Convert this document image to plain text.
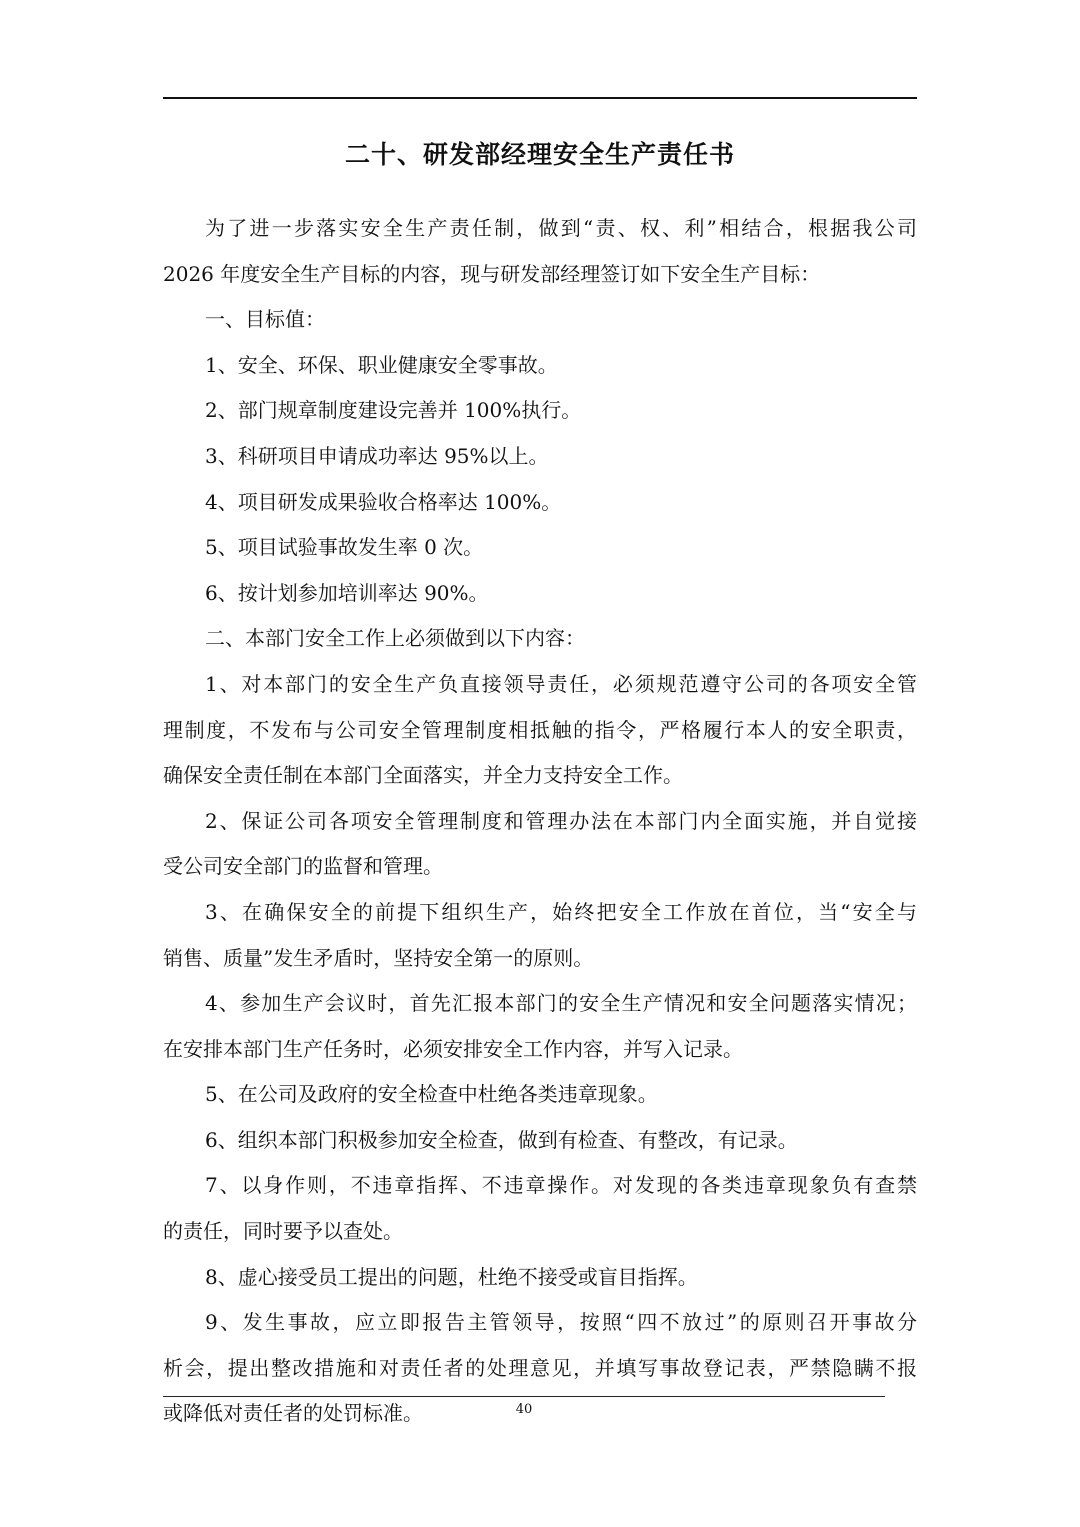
二十、研发部经理安全生产责任书
为了进一步落实安全生产责任制，做到“责、权、利”相结合，根据我公司
2026 年度安全生产目标的内容，现与研发部经理签订如下安全生产目标：
一、目标值：
1、安全、环保、职业健康安全零事故。
2、部门规章制度建设完善并 100%执行。
3、科研项目申请成功率达 95%以上。
4、项目研发成果验收合格率达 100%。
5、项目试验事故发生率 0 次。
6、按计划参加培训率达 90%。
二、本部门安全工作上必须做到以下内容：
1、对本部门的安全生产负直接领导责任，必须规范遵守公司的各项安全管
理制度，不发布与公司安全管理制度相抵触的指令，严格履行本人的安全职责，
确保安全责任制在本部门全面落实，并全力支持安全工作。
2、保证公司各项安全管理制度和管理办法在本部门内全面实施，并自觉接
受公司安全部门的监督和管理。
3、在确保安全的前提下组织生产，始终把安全工作放在首位，当“安全与
销售、质量”发生矛盾时，坚持安全第一的原则。
4、参加生产会议时，首先汇报本部门的安全生产情况和安全问题落实情况；
在安排本部门生产任务时，必须安排安全工作内容，并写入记录。
5、在公司及政府的安全检查中杜绝各类违章现象。
6、组织本部门积极参加安全检查，做到有检查、有整改，有记录。
7、以身作则，不违章指挥、不违章操作。对发现的各类违章现象负有查禁
的责任，同时要予以查处。
8、虚心接受员工提出的问题，杜绝不接受或盲目指挥。
9、发生事故，应立即报告主管领导，按照“四不放过”的原则召开事故分
析会，提出整改措施和对责任者的处理意见，并填写事故登记表，严禁隐瞒不报
或降低对责任者的处罚标准。	40
